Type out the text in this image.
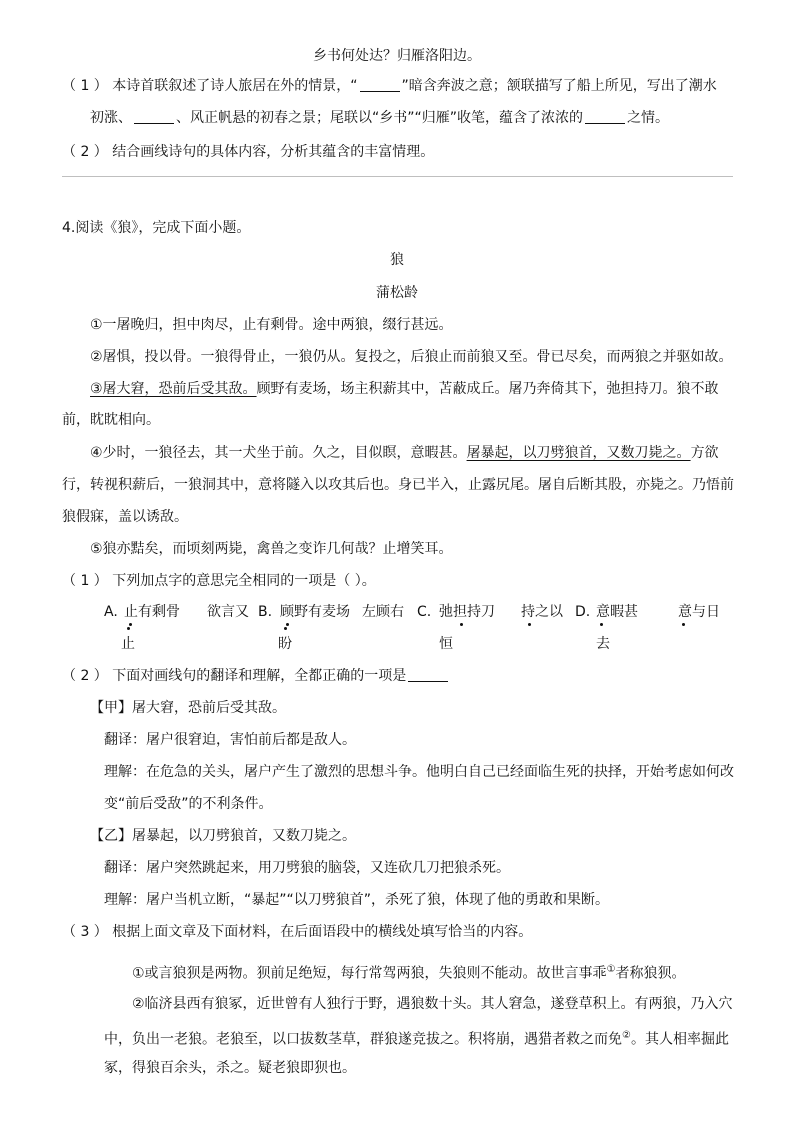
乡书何处达？归雁洛阳边。
（ 1 ） 本诗首联叙述了诗人旅居在外的情景，“	”暗含奔波之意；颔联描写了船上所见，写出了潮水
初涨、	、风正帆悬的初春之景；尾联以“乡书”“归雁”收笔，蕴含了浓浓的	之情。
（ 2 ） 结合画线诗句的具体内容，分析其蕴含的丰富情理。
4.阅读《狼》，完成下面小题。
狼
蒲松龄
①一屠晚归，担中肉尽，止有剩骨。途中两狼，缀行甚远。
②屠惧，投以骨。一狼得骨止，一狼仍从。复投之，后狼止而前狼又至。骨已尽矣，而两狼之并驱如故。
③屠大窘，恐前后受其敌。顾野有麦场，场主积薪其中，苫蔽成丘。屠乃奔倚其下，弛担持刀。狼不敢
前，眈眈相向。
④少时，一狼径去，其一犬坐于前。久之，目似瞑，意暇甚。屠暴起，以刀劈狼首，又数刀毙之。方欲
行，转视积薪后，一狼洞其中，意将隧入以攻其后也。身已半入，止露尻尾。屠自后断其股，亦毙之。乃悟前
狼假寐，盖以诱敌。
⑤狼亦黠矣，而顷刻两毙，禽兽之变诈几何哉？止增笑耳。
（ 1 ） 下列加点字的意思完全相同的一项是（ ）。
A. 止有剩骨 欲言又
止
B. 顾野有麦场 左顾右
盼
C. 弛担持刀 持之以
恒
D. 意暇甚	意与日
去
（ 2 ） 下面对画线句的翻译和理解，全都正确的一项是
【甲】屠大窘，恐前后受其敌。
翻译：屠户很窘迫，害怕前后都是敌人。
理解：在危急的关头，屠户产生了激烈的思想斗争。他明白自己已经面临生死的抉择，开始考虑如何改
变“前后受敌”的不利条件。
【乙】屠暴起，以刀劈狼首，又数刀毙之。
翻译：屠户突然跳起来，用刀劈狼的脑袋，又连砍几刀把狼杀死。
理解：屠户当机立断，“暴起”“以刀劈狼首”，杀死了狼，体现了他的勇敢和果断。
（ 3 ） 根据上面文章及下面材料，在后面语段中的横线处填写恰当的内容。
①或言狼狈是两物。狈前足绝短，每行常驾两狼，失狼则不能动。故世言事乖①者称狼狈。
②临济县西有狼冢，近世曾有人独行于野，遇狼数十头。其人窘急，遂登草积上。有两狼，乃入穴
中，负出一老狼。老狼至，以口拔数茎草，群狼遂竞拔之。积将崩，遇猎者救之而免②。其人相率掘此
冢，得狼百余头，杀之。疑老狼即狈也。
